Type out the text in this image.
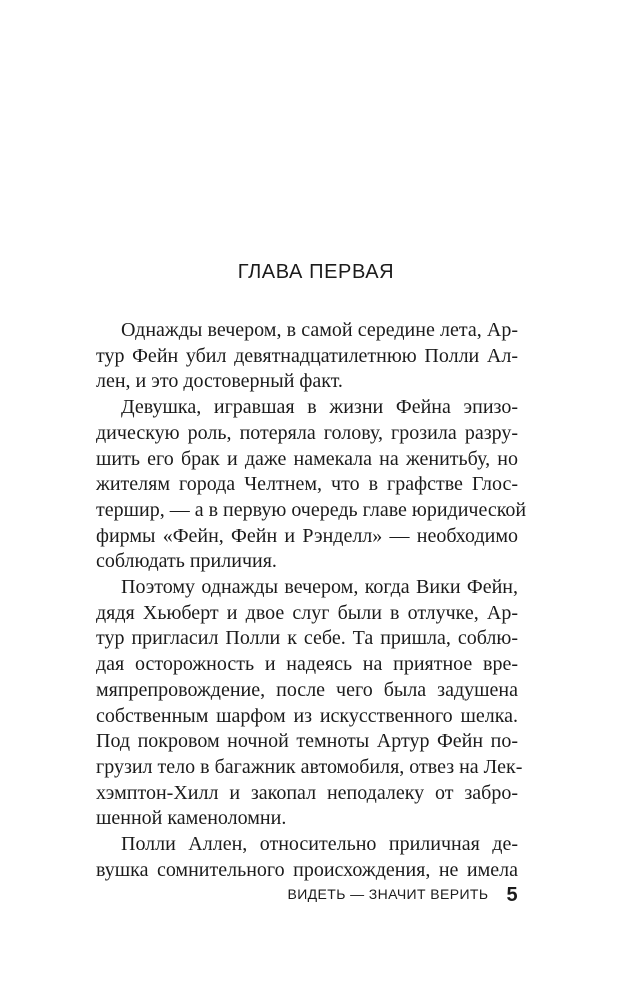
ГЛАВА ПЕРВАЯ
Однажды вечером, в самой середине лета, Ар-
тур Фейн убил девятнадцатилетнюю Полли Ал-
лен, и это достоверный факт.
Девушка, игравшая в жизни Фейна эпизо-
дическую роль, потеряла голову, грозила разру-
шить его брак и даже намекала на женитьбу, но
жителям города Челтнем, что в графстве Глос-
тершир, — а в первую очередь главе юридической
фирмы «Фейн, Фейн и Рэнделл» — необходимо
соблюдать приличия.
Поэтому однажды вечером, когда Вики Фейн,
дядя Хьюберт и двое слуг были в отлучке, Ар-
тур пригласил Полли к себе. Та пришла, соблю-
дая осторожность и надеясь на приятное вре-
мяпрепровождение, после чего была задушена
собственным шарфом из искусственного шелка.
Под покровом ночной темноты Артур Фейн по-
грузил тело в багажник автомобиля, отвез на Лек-
хэмптон-Хилл и закопал неподалеку от забро-
шенной каменоломни.
Полли Аллен, относительно приличная де-
вушка сомнительного происхождения, не имела
ВИДЕТЬ — ЗНАЧИТ ВЕРИТЬ 5
